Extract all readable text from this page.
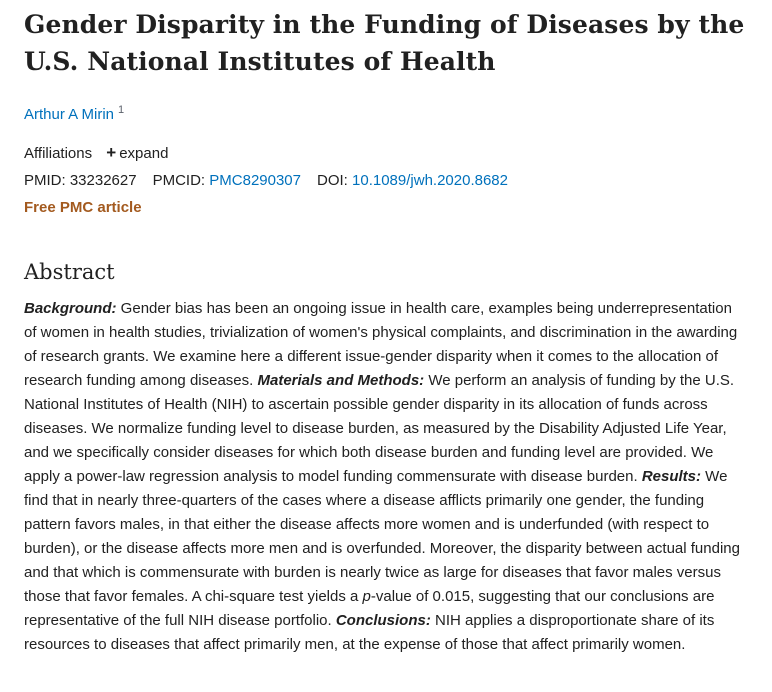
Gender Disparity in the Funding of Diseases by the U.S. National Institutes of Health
Arthur A Mirin $^1$
Affiliations + expand
PMID: 33232627 PMCID: PMC8290307 DOI: 10.1089/jwh.2020.8682
Free PMC article
Abstract
Background: Gender bias has been an ongoing issue in health care, examples being underrepresentation of women in health studies, trivialization of women's physical complaints, and discrimination in the awarding of research grants. We examine here a different issue-gender disparity when it comes to the allocation of research funding among diseases. Materials and Methods: We perform an analysis of funding by the U.S. National Institutes of Health (NIH) to ascertain possible gender disparity in its allocation of funds across diseases. We normalize funding level to disease burden, as measured by the Disability Adjusted Life Year, and we specifically consider diseases for which both disease burden and funding level are provided. We apply a power-law regression analysis to model funding commensurate with disease burden. Results: We find that in nearly three-quarters of the cases where a disease afflicts primarily one gender, the funding pattern favors males, in that either the disease affects more women and is underfunded (with respect to burden), or the disease affects more men and is overfunded. Moreover, the disparity between actual funding and that which is commensurate with burden is nearly twice as large for diseases that favor males versus those that favor females. A chi-square test yields a p-value of 0.015, suggesting that our conclusions are representative of the full NIH disease portfolio. Conclusions: NIH applies a disproportionate share of its resources to diseases that affect primarily men, at the expense of those that affect primarily women.
